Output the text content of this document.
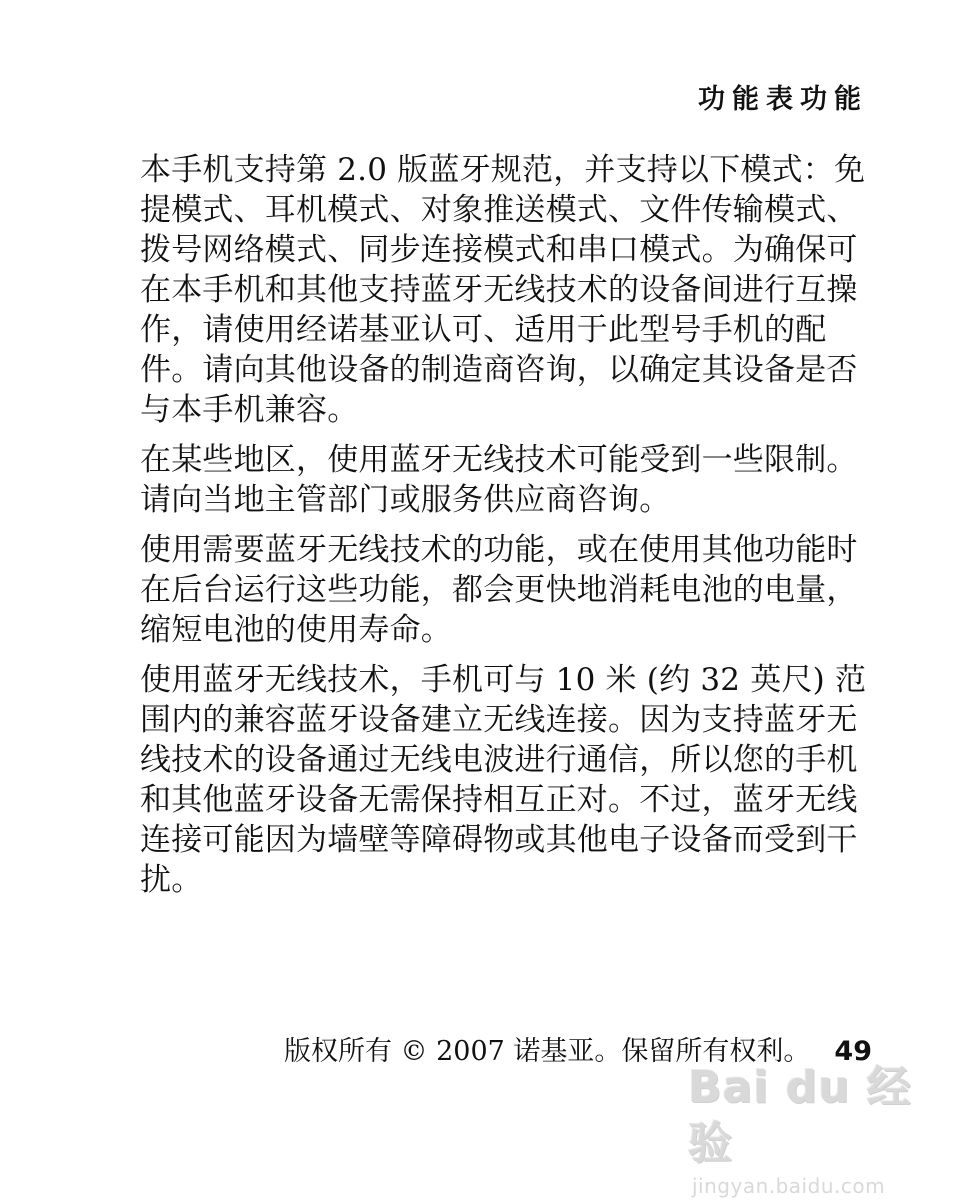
功能表功能

本手机支持第 2.0 版蓝牙规范，并支持以下模式：免提模式、耳机模式、对象推送模式、文件传输模式、拨号网络模式、同步连接模式和串口模式。为确保可在本手机和其他支持蓝牙无线技术的设备间进行互操作，请使用经诺基亚认可、适用于此型号手机的配件。请向其他设备的制造商咨询，以确定其设备是否与本手机兼容。

在某些地区，使用蓝牙无线技术可能受到一些限制。请向当地主管部门或服务供应商咨询。

使用需要蓝牙无线技术的功能，或在使用其他功能时在后台运行这些功能，都会更快地消耗电池的电量，缩短电池的使用寿命。

使用蓝牙无线技术，手机可与 10 米 (约 32 英尺) 范围内的兼容蓝牙设备建立无线连接。因为支持蓝牙无线技术的设备通过无线电波进行通信，所以您的手机和其他蓝牙设备无需保持相互正对。不过，蓝牙无线连接可能因为墙壁等障碍物或其他电子设备而受到干扰。

版权所有 © 2007 诺基亚。保留所有权利。 49
Bai du 经验
jingyan.baidu.com
